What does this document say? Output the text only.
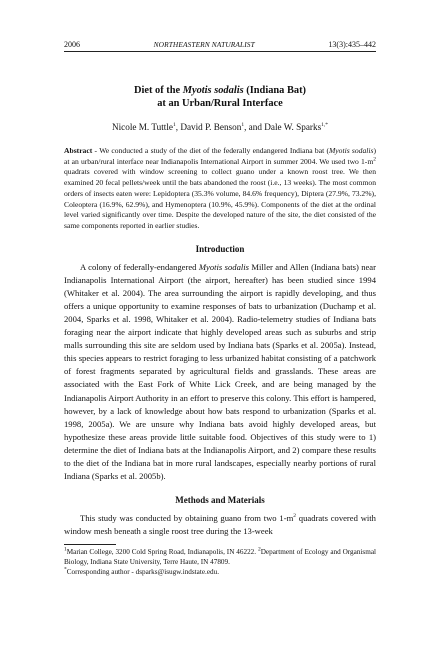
2006	NORTHEASTERN NATURALIST	13(3):435–442
Diet of the Myotis sodalis (Indiana Bat)
at an Urban/Rural Interface
Nicole M. Tuttle$^1$, David P. Benson$^1$, and Dale W. Sparks$^{1,*}$
Abstract - We conducted a study of the diet of the federally endangered Indiana bat (Myotis sodalis) at an urban/rural interface near Indianapolis International Airport in summer 2004. We used two $1-m^2$ quadrats covered with window screening to collect guano under a known roost tree. We then examined 20 fecal pellets/week until the bats abandoned the roost (i.e., 13 weeks). The most common orders of insects eaten were: Lepidoptera (35.3% volume, 84.6% frequency), Diptera (27.9%, 73.2%), Coleoptera (16.9%, 62.9%), and Hymenoptera (10.9%, 45.9%). Components of the diet at the ordinal level varied significantly over time. Despite the developed nature of the site, the diet consisted of the same components reported in earlier studies.
Introduction

A colony of federally-endangered Myotis sodalis Miller and Allen (Indiana bats) near Indianapolis International Airport (the airport, hereafter) has been studied since 1994 (Whitaker et al. 2004). The area surrounding the airport is rapidly developing, and thus offers a unique opportunity to examine responses of bats to urbanization (Duchamp et al. 2004, Sparks et al. 1998, Whitaker et al. 2004). Radio-telemetry studies of Indiana bats foraging near the airport indicate that highly developed areas such as suburbs and strip malls surrounding this site are seldom used by Indiana bats (Sparks et al. 2005a). Instead, this species appears to restrict foraging to less urbanized habitat consisting of a patchwork of forest fragments separated by agricultural fields and grasslands. These areas are associated with the East Fork of White Lick Creek, and are being managed by the Indianapolis Airport Authority in an effort to preserve this colony. This effort is hampered, however, by a lack of knowledge about how bats respond to urbanization (Sparks et al. 1998, 2005a). We are unsure why Indiana bats avoid highly developed areas, but hypothesize these areas provide little suitable food. Objectives of this study were to 1) determine the diet of Indiana bats at the Indianapolis Airport, and 2) compare these results to the diet of the Indiana bat in more rural landscapes, especially nearby portions of rural Indiana (Sparks et al. 2005b).

Methods and Materials

This study was conducted by obtaining guano from two $1-m^2$ quadrats covered with window mesh beneath a single roost tree during the 13-week

$^1$Marian College, 3200 Cold Spring Road, Indianapolis, IN 46222. $^2$Department of Ecology and Organismal Biology, Indiana State University, Terre Haute, IN 47809.

*Corresponding author - dsparks@isugw.indstate.edu.
